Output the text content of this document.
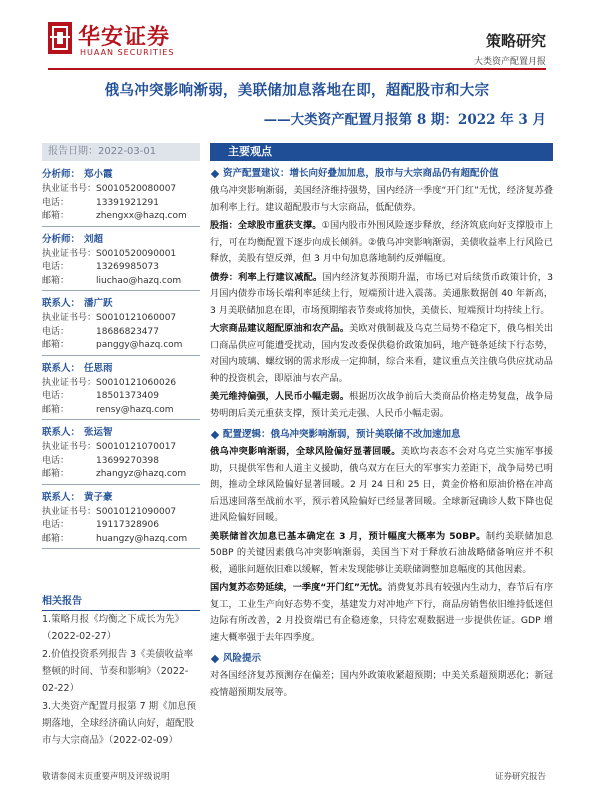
华安证券
HUAAN SECURITIES
策略研究
大类资产配置月报
俄乌冲突影响渐弱，美联储加息落地在即，超配股市和大宗
——大类资产配置月报第 8 期：2022 年 3 月
报告日期：2022-03-01
分析师： 郑小霞
执业证书号： S0010520080007
电话：	13391921291
邮箱：	zhengxx@hazq.com
分析师： 刘超
执业证书号： S0010520090001
电话：	13269985073
邮箱：	liuchao@hazq.com
联系人： 潘广跃
执业证书号： S0010121060007
电话：	18686823477
邮箱：	panggy@hazq.com
联系人： 任思雨
执业证书号： S0010121060026
电话：	18501373409
邮箱：	rensy@hazq.com
联系人： 张运智
执业证书号： S0010121070017
电话：	13699270398
邮箱：	zhangyz@hazq.com
联系人： 黄子豪
执业证书号： S0010121090007
电话：	19117328906
邮箱：	huangzy@hazq.com
相关报告
1.策略月报《均衡之下成长为先》（2022-02-27）
2.价值投资系列报告 3《美债收益率整顿的时间、节奏和影响》（2022-02-22）
3.大类资产配置月报第 7 期《加息预期落地，全球经济确认向好，超配股市与大宗商品》（2022-02-09）
主要观点
资产配置建议：增长向好叠加加息，股市与大宗商品仍有超配价值
俄乌冲突影响渐弱，美国经济维持强势，国内经济一季度“开门红”无忧，经济复苏叠加利率上行。建议超配股市与大宗商品，低配债券。
股指：全球股市重获支撑。①国内股市外围风险逐步释放，经济筑底向好支撑股市上行，可在均衡配置下逐步向成长倾斜。②俄乌冲突影响渐弱，美债收益率上行风险已释放，美股有望反弹，但 3 月中旬加息落地制约反弹幅度。
债券：利率上行建议减配。国内经济复苏预期升温，市场已对后续货币政策计价，3 月国内债券市场长端利率延续上行，短端预计进入震荡。美通胀数据创 40 年新高，3 月美联储加息在即，市场预期缩表节奏或将加快，美债长、短端预计均持续上行。
大宗商品建议超配原油和农产品。美欧对俄制裁及乌克兰局势不稳定下，俄乌相关出口商品供应可能遭受扰动，国内发改委保供稳价政策加码，地产链条延续下行态势，对国内玻璃、螺纹钢的需求形成一定抑制，综合来看，建议重点关注俄乌供应扰动品种的投资机会，即原油与农产品。
美元维持偏强，人民币小幅走弱。根据历次战争前后大类商品价格走势复盘，战争局势明朗后美元重获支撑，预计美元走强、人民币小幅走弱。
配置逻辑：俄乌冲突影响渐弱，预计美联储不改加速加息
俄乌冲突影响渐弱，全球风险偏好显著回暖。美欧均表态不会对乌克兰实施军事援助，只提供军售和人道主义援助，俄乌双方在巨大的军事实力差距下，战争局势已明朗，推动全球风险偏好显著回暖。2 月 24 日和 25 日，黄金价格和原油价格在冲高后迅速回落至战前水平，预示着风险偏好已经显著回暖。全球新冠确诊人数下降也促进风险偏好回暖。
美联储首次加息已基本确定在 3 月，预计幅度大概率为 50BP。制约美联储加息 50BP 的关键因素俄乌冲突影响渐弱，美国当下对于释放石油战略储备响应并不积极，通胀问题依旧难以缓解，暂未发现能够让美联储调整加息幅度的其他因素。
国内复苏态势延续，一季度“开门红”无忧。消费复苏具有较强内生动力，春节后有序复工，工业生产向好态势不变，基建发力对冲地产下行，商品房销售依旧维持低迷但边际有所改善，2 月投资端已有企稳迹象，只待宏观数据进一步提供佐证。GDP 增速大概率强于去年四季度。
风险提示
对各国经济复苏预测存在偏差；国内外政策收紧超预期；中美关系超预期恶化；新冠疫情超预期发展等。
敬请参阅末页重要声明及评级说明	证券研究报告
